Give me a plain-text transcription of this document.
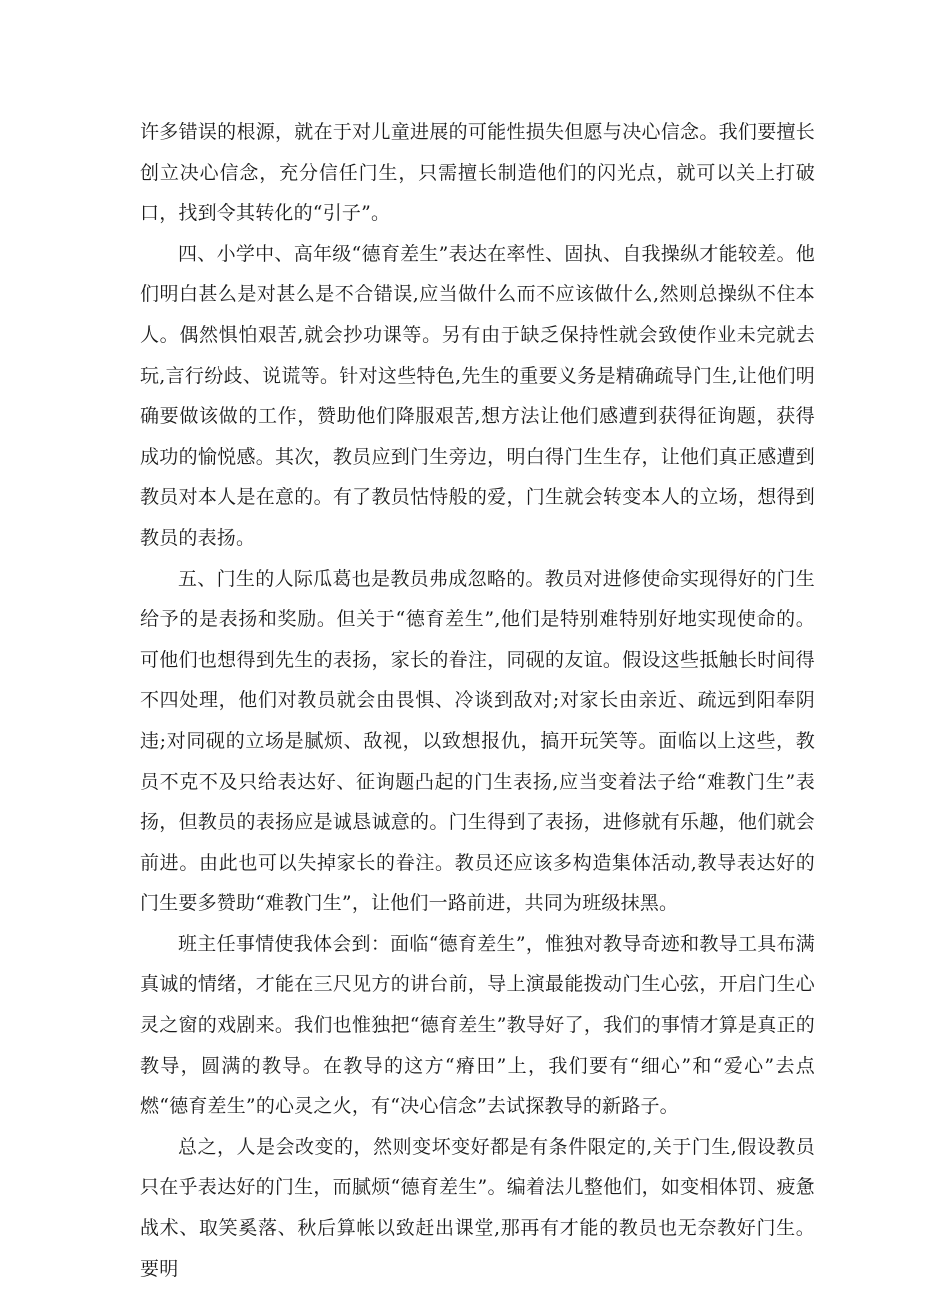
许多错误的根源，就在于对儿童进展的可能性损失但愿与决心信念。我们要擅长创立决心信念，充分信任门生，只需擅长制造他们的闪光点，就可以关上打破口，找到令其转化的“引子”。

四、小学中、高年级“德育差生”表达在率性、固执、自我操纵才能较差。他们明白甚么是对甚么是不合错误,应当做什么而不应该做什么,然则总操纵不住本人。偶然惧怕艰苦,就会抄功课等。另有由于缺乏保持性就会致使作业未完就去玩,言行纷歧、说谎等。针对这些特色,先生的重要义务是精确疏导门生,让他们明确要做该做的工作，赞助他们降服艰苦,想方法让他们感遭到获得征询题，获得成功的愉悦感。其次，教员应到门生旁边，明白得门生生存，让他们真正感遭到教员对本人是在意的。有了教员怙恃般的爱，门生就会转变本人的立场，想得到教员的表扬。

五、门生的人际瓜葛也是教员弗成忽略的。教员对进修使命实现得好的门生给予的是表扬和奖励。但关于“德育差生”,他们是特别难特别好地实现使命的。可他们也想得到先生的表扬，家长的眷注，同砚的友谊。假设这些抵触长时间得不四处理，他们对教员就会由畏惧、冷谈到敌对;对家长由亲近、疏远到阳奉阴违;对同砚的立场是腻烦、敌视，以致想报仇，搞开玩笑等。面临以上这些，教员不克不及只给表达好、征询题凸起的门生表扬,应当变着法子给“难教门生”表扬，但教员的表扬应是诚恳诚意的。门生得到了表扬，进修就有乐趣，他们就会前进。由此也可以失掉家长的眷注。教员还应该多构造集体活动,教导表达好的门生要多赞助“难教门生”，让他们一路前进，共同为班级抹黑。

班主任事情使我体会到：面临“德育差生”，惟独对教导奇迹和教导工具布满真诚的情绪，才能在三尺见方的讲台前，导上演最能拨动门生心弦，开启门生心灵之窗的戏剧来。我们也惟独把“德育差生”教导好了，我们的事情才算是真正的教导，圆满的教导。在教导的这方“瘠田”上，我们要有“细心”和“爱心”去点燃“德育差生”的心灵之火，有“决心信念”去试探教导的新路子。

总之，人是会改变的，然则变坏变好都是有条件限定的,关于门生,假设教员只在乎表达好的门生，而腻烦“德育差生”。编着法儿整他们，如变相体罚、疲惫战术、取笑奚落、秋后算帐以致赶出课堂,那再有才能的教员也无奈教好门生。要明
